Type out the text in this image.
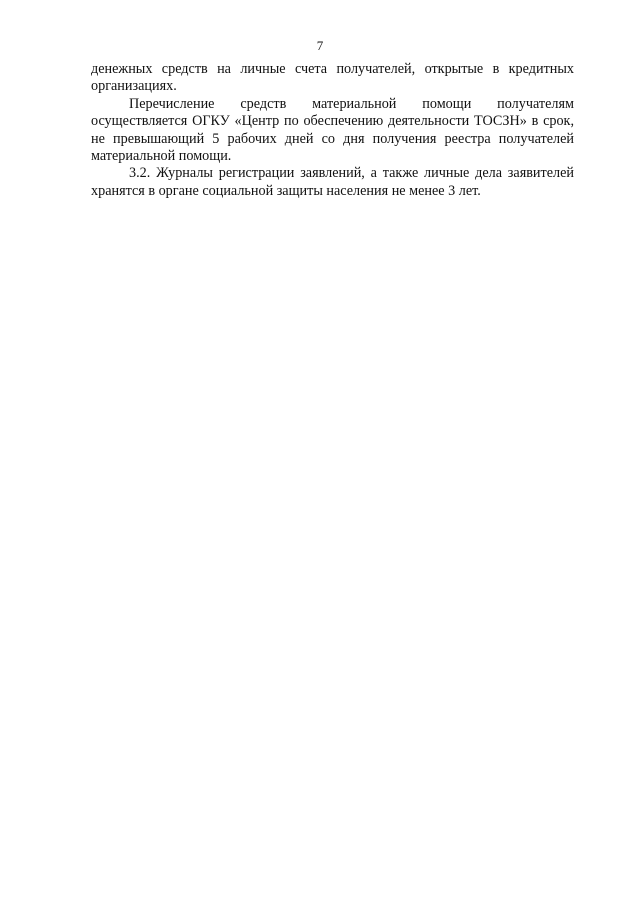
7

денежных средств на личные счета получателей, открытые в кредитных организациях.

Перечисление средств материальной помощи получателям осуществляется ОГКУ «Центр по обеспечению деятельности ТОСЗН» в срок, не превышающий 5 рабочих дней со дня получения реестра получателей материальной помощи.

3.2. Журналы регистрации заявлений, а также личные дела заявителей хранятся в органе социальной защиты населения не менее 3 лет.
